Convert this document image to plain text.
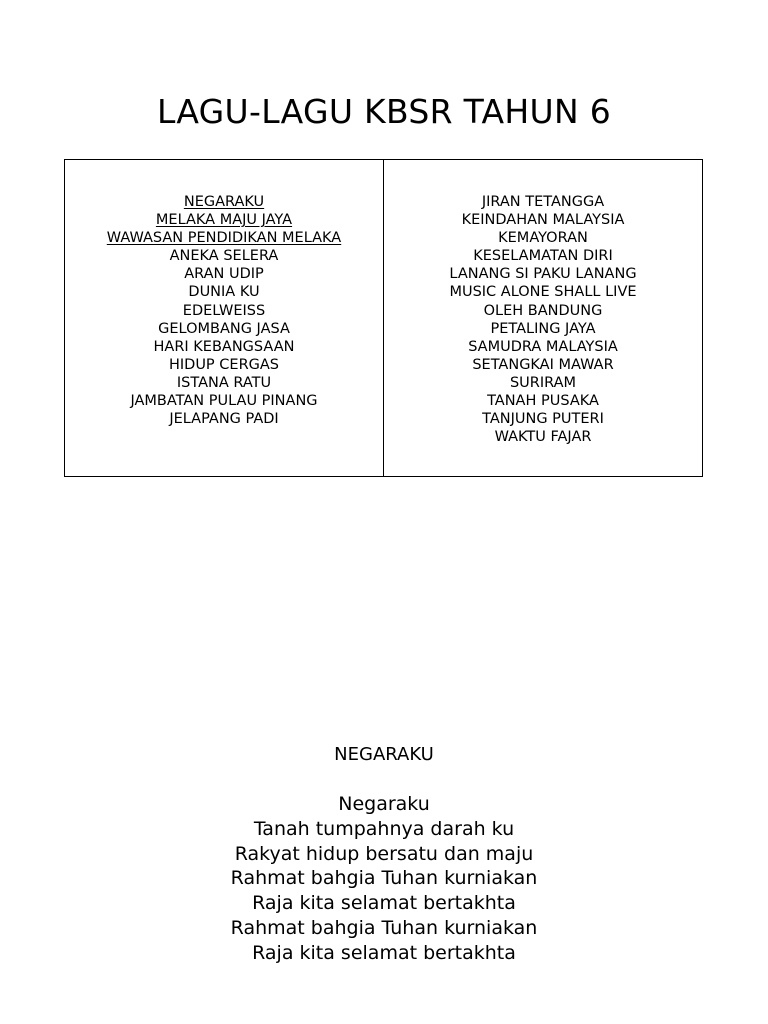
LAGU-LAGU KBSR TAHUN 6
NEGARAKU
MELAKA MAJU JAYA
WAWASAN PENDIDIKAN MELAKA
ANEKA SELERA
ARAN UDIP
DUNIA KU
EDELWEISS
GELOMBANG JASA
HARI KEBANGSAAN
HIDUP CERGAS
ISTANA RATU
JAMBATAN PULAU PINANG
JELAPANG PADI
JIRAN TETANGGA
KEINDAHAN MALAYSIA
KEMAYORAN
KESELAMATAN DIRI
LANANG SI PAKU LANANG
MUSIC ALONE SHALL LIVE
OLEH BANDUNG
PETALING JAYA
SAMUDRA MALAYSIA
SETANGKAI MAWAR
SURIRAM
TANAH PUSAKA
TANJUNG PUTERI
WAKTU FAJAR
NEGARAKU
Negaraku
Tanah tumpahnya darah ku
Rakyat hidup bersatu dan maju
Rahmat bahgia Tuhan kurniakan
Raja kita selamat bertakhta
Rahmat bahgia Tuhan kurniakan
Raja kita selamat bertakhta
